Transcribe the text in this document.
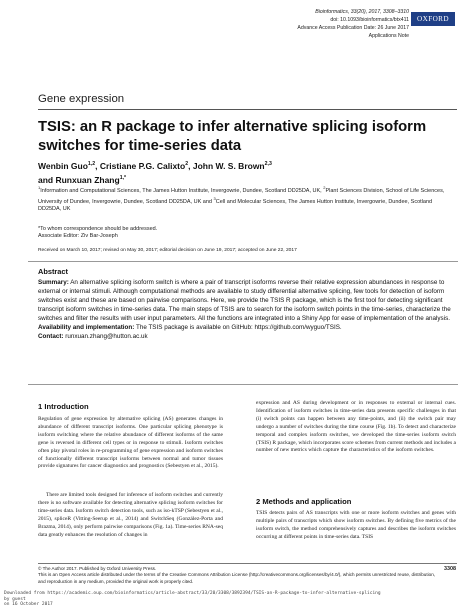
Bioinformatics, 33(20), 2017, 3308–3310
doi: 10.1093/bioinformatics/btx411
Advance Access Publication Date: 26 June 2017
Applications Note
OXFORD
Gene expression
TSIS: an R package to infer alternative splicing isoform switches for time-series data
Wenbin Guo$^{1,2}$, Cristiane P.G. Calixto$^2$, John W. S. Brown$^{2,3}$
and Runxuan Zhang$^{1,*}$
$^1$Information and Computational Sciences, The James Hutton Institute, Invergowrie, Dundee, Scotland DD25DA, UK, $^2$Plant Sciences Division, School of Life Sciences, University of Dundee, Invergowrie, Dundee, Scotland DD25DA, UK and $^3$Cell and Molecular Sciences, The James Hutton Institute, Invergowrie, Dundee, Scotland DD25DA, UK
*To whom correspondence should be addressed.
Associate Editor: Ziv Bar-Joseph
Received on March 10, 2017; revised on May 30, 2017; editorial decision on June 19, 2017; accepted on June 22, 2017
Abstract
Summary: An alternative splicing isoform switch is where a pair of transcript isoforms reverse their relative expression abundances in response to external or internal stimuli. Although computational methods are available to study differential alternative splicing, few tools for detection of isoform switches exist and these are based on pairwise comparisons. Here, we provide the TSIS R package, which is the first tool for detecting significant transcript isoform switches in time-series data. The main steps of TSIS are to search for the isoform switch points in the time-series, characterize the switches and filter the results with user input parameters. All the functions are integrated into a Shiny App for ease of implementation of the analysis.
Availability and implementation: The TSIS package is available on GitHub: https://github.com/wyguo/TSIS.
Contact: runxuan.zhang@hutton.ac.uk
1 Introduction

Regulation of gene expression by alternative splicing (AS) generates changes in abundance of different transcript isoforms. One particular splicing phenotype is isoform switching where the relative abundance of different isoforms of the same gene is reversed in different cell types or in response to stimuli. Isoform switches often play pivotal roles in re-programming of gene expression and isoform switches of functionally different transcript isoforms between normal and tumor tissues provide signatures for cancer diagnostics and prognostics (Sebestyen et al., 2015).

There are limited tools designed for inference of isoform switches and currently there is no software available for detecting alternative splicing isoform switches for time-series data. Isoform switch detection tools, such as iso-kTSP (Sebestyen et al., 2015), spliceR (Vitting-Seerup et al., 2014) and SwitchSeq (González-Porta and Brazma, 2014), only perform pairwise comparisons (Fig. 1a). Time-series RNA-seq data greatly enhances the resolution of changes in

expression and AS during development or in responses to external or internal cues. Identification of isoform switches in time-series data presents specific challenges in that (i) switch points can happen between any time-points, and (ii) the switch pair may undergo a number of switches during the time course (Fig. 1b). To detect and characterize temporal and complex isoform switches, we developed the time-series isoform switch (TSIS) R package, which incorporates score schemes from current methods and includes a number of new metrics which capture the characteristics of the isoform switches.

2 Methods and application

TSIS detects pairs of AS transcripts with one or more isoform switches and genes with multiple pairs of transcripts which show isoform switches. By defining five metrics of the isoform switch, the method comprehensively captures and describes the isoform switches occurring at different points in time-series data. TSIS

© The Author 2017. Published by Oxford University Press.
This is an Open Access article distributed under the terms of the Creative Commons Attribution License (http://creativecommons.org/licenses/by/4.0/), which permits unrestricted reuse, distribution, and reproduction in any medium, provided the original work is properly cited.
3308
Downloaded from https://academic.oup.com/bioinformatics/article-abstract/33/20/3308/3892394/TSIS-an-R-package-to-infer-alternative-splicing
by guest
on 16 October 2017
